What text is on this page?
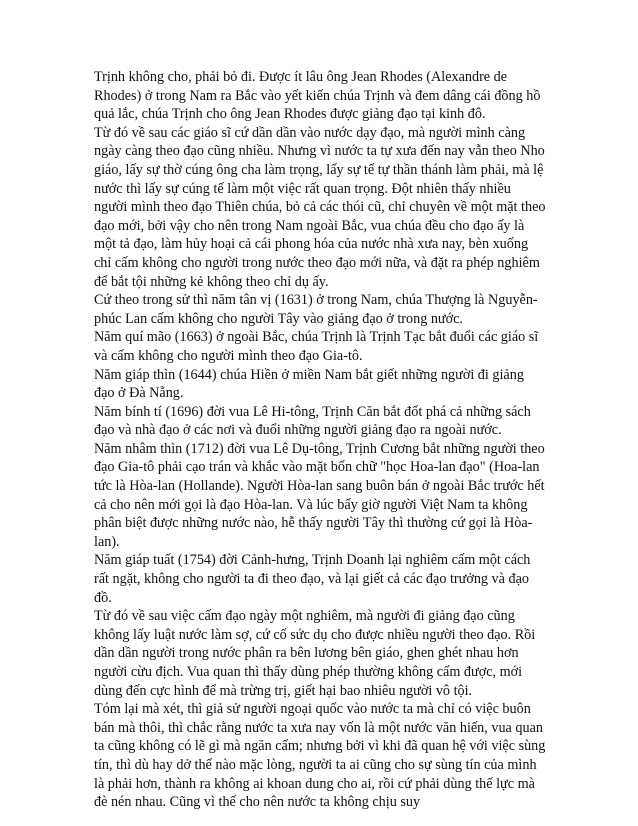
Trịnh không cho, phải bỏ đi. Được ít lâu ông Jean Rhodes (Alexandre de Rhodes) ở trong Nam ra Bắc vào yết kiến chúa Trịnh và đem dâng cái đồng hồ quả lắc, chúa Trịnh cho ông Jean Rhodes được giảng đạo tại kinh đô.

Từ đó về sau các giáo sĩ cứ dần dần vào nước dạy đạo, mà người mình càng ngày càng theo đạo cũng nhiều. Nhưng vì nước ta tự xưa đến nay vẫn theo Nho giáo, lấy sự thờ cúng ông cha làm trọng, lấy sự tế tự thần thánh làm phải, mà lệ nước thì lấy sự cúng tế làm một việc rất quan trọng. Đột nhiên thấy nhiều người mình theo đạo Thiên chúa, bỏ cả các thói cũ, chỉ chuyên về một mặt theo đạo mới, bởi vậy cho nên trong Nam ngoài Bắc, vua chúa đều cho đạo ấy là một tả đạo, làm hủy hoại cả cái phong hóa của nước nhà xưa nay, bèn xuống chỉ cấm không cho người trong nước theo đạo mới nữa, và đặt ra phép nghiêm để bắt tội những kẻ không theo chỉ dụ ấy.

Cứ theo trong sử thì năm tân vị (1631) ở trong Nam, chúa Thượng là Nguyễn-phúc Lan cấm không cho người Tây vào giảng đạo ở trong nước.

Năm quí mão (1663) ở ngoài Bắc, chúa Trịnh là Trịnh Tạc bắt đuổi các giáo sĩ và cấm không cho người mình theo đạo Gia-tô.

Năm giáp thìn (1644) chúa Hiền ở miền Nam bắt giết những người đi giảng đạo ở Đà Nẵng.

Năm bính tí (1696) đời vua Lê Hi-tông, Trịnh Căn bắt đốt phá cả những sách đạo và nhà đạo ở các nơi và đuổi những người giảng đạo ra ngoài nước.

Năm nhâm thìn (1712) đời vua Lê Dụ-tông, Trịnh Cương bắt những người theo đạo Gia-tô phải cạo trán và khắc vào mặt bốn chữ "học Hoa-lan đạo" (Hoa-lan tức là Hòa-lan (Hollande). Người Hòa-lan sang buôn bán ở ngoài Bắc trước hết cả cho nên mới gọi là đạo Hòa-lan. Và lúc bấy giờ người Việt Nam ta không phân biệt được những nước nào, hễ thấy người Tây thì thường cứ gọi là Hòa-lan).

Năm giáp tuất (1754) đời Cảnh-hưng, Trịnh Doanh lại nghiêm cấm một cách rất ngặt, không cho người ta đi theo đạo, và lại giết cả các đạo trưởng và đạo đồ.

Từ đó về sau việc cấm đạo ngày một nghiêm, mà người đi giảng đạo cũng không lấy luật nước làm sợ, cứ cố sức dụ cho được nhiều người theo đạo. Rồi dần dần người trong nước phân ra bên lương bên giáo, ghen ghét nhau hơn người cừu địch. Vua quan thì thấy dùng phép thường không cấm được, mới dùng đến cực hình để mà trừng trị, giết hại bao nhiêu người vô tội.

Tóm lại mà xét, thì giả sử người ngoại quốc vào nước ta mà chỉ có việc buôn bán mà thôi, thì chắc rằng nước ta xưa nay vốn là một nước văn hiến, vua quan ta cũng không có lẽ gì mà ngăn cấm; nhưng bởi vì khi đã quan hệ với việc sùng tín, thì dù hay dở thế nào mặc lòng, người ta ai cũng cho sự sùng tín của mình là phải hơn, thành ra không ai khoan dung cho ai, rồi cứ phải dùng thế lực mà đè nén nhau. Cũng vì thế cho nên nước ta không chịu suy
